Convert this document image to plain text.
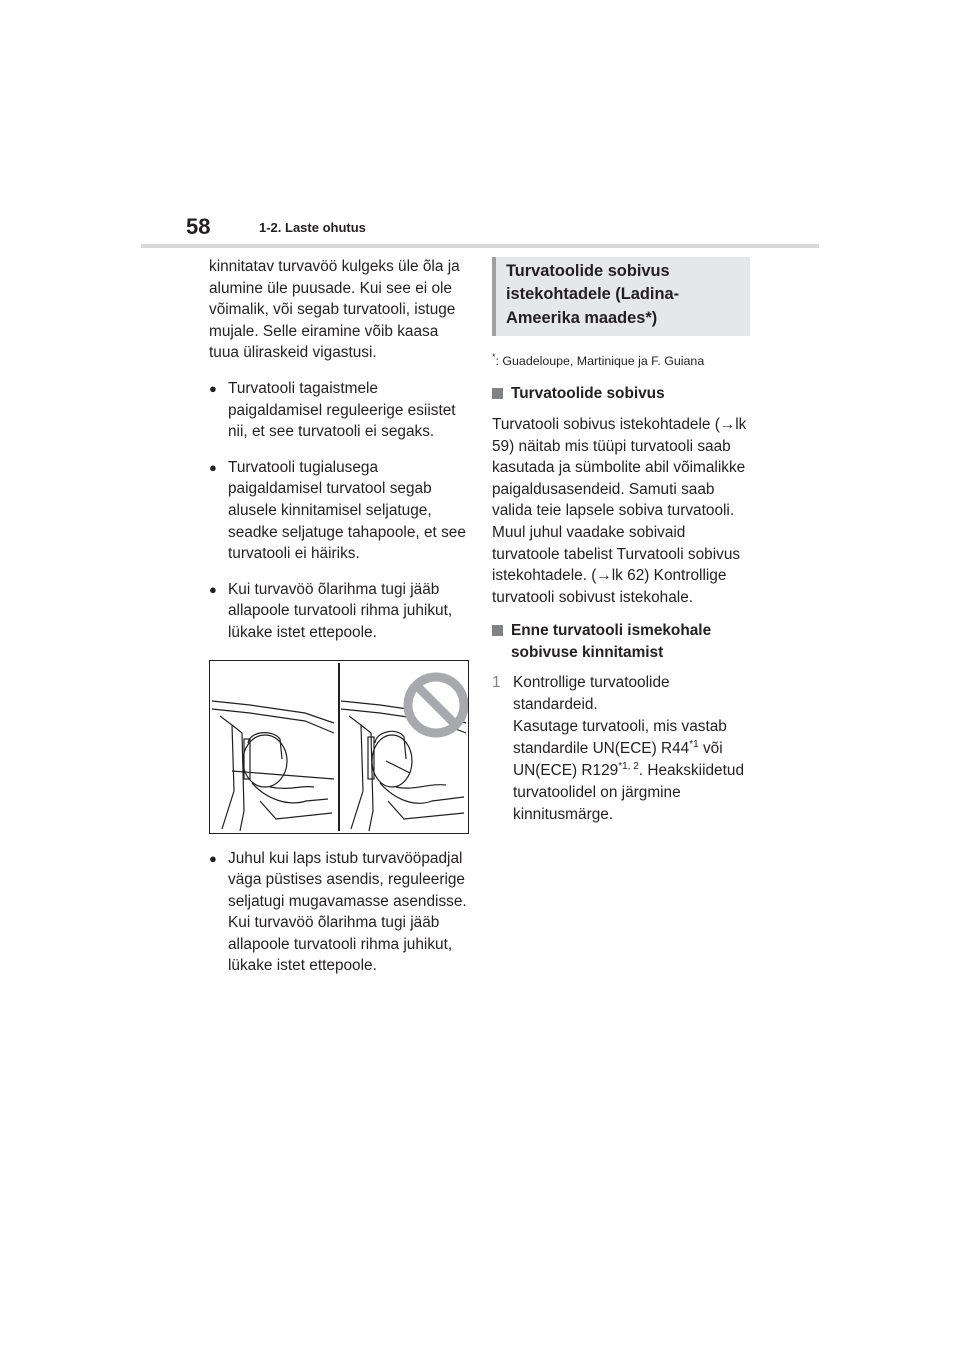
58	1-2. Laste ohutus

kinnitatav turvavöö kulgeks üle õla ja alumine üle puusade. Kui see ei ole võimalik, või segab turvatooli, istuge mujale. Selle eiramine võib kaasa tuua üliraskeid vigastusi.

● Turvatooli tagaistmele paigaldamisel reguleerige esiistet nii, et see turvatooli ei segaks.
● Turvatooli tugialusega paigaldamisel turvatool segab alusele kinnitamisel seljatuge, seadke seljatuge tahapoole, et see turvatooli ei häiriks.
● Kui turvavöö õlarihma tugi jääb allapoole turvatooli rihma juhikut, lükake istet ettepoole.
● Juhul kui laps istub turvavööpadjal väga püstises asendis, reguleerige seljatugi mugavamasse asendisse. Kui turvavöö õlarihma tugi jääb allapoole turvatooli rihma juhikut, lükake istet ettepoole.
Turvatoolide sobivus istekohtadele (Ladina-Ameerika maades*)

*: Guadeloupe, Martinique ja F. Guiana

Turvatoolide sobivus

Turvatooli sobivus istekohtadele (→lk 59) näitab mis tüüpi turvatooli saab kasutada ja sümbolite abil võimalikke paigaldusasendeid. Samuti saab valida teie lapsele sobiva turvatooli.

Muul juhul vaadake sobivaid turvatoole tabelist Turvatooli sobivus istekohtadele. (→lk 62) Kontrollige turvatooli sobivust istekohale.

Enne turvatooli ismekohale sobivuse kinnitamist
1 Kontrollige turvatoolide standardeid.
Kasutage turvatooli, mis vastab standardile UN(ECE) R44$^{*1}$ või UN(ECE) R129$^{*1, 2}$. Heakskiidetud turvatoolidel on järgmine kinnitusmärge.
